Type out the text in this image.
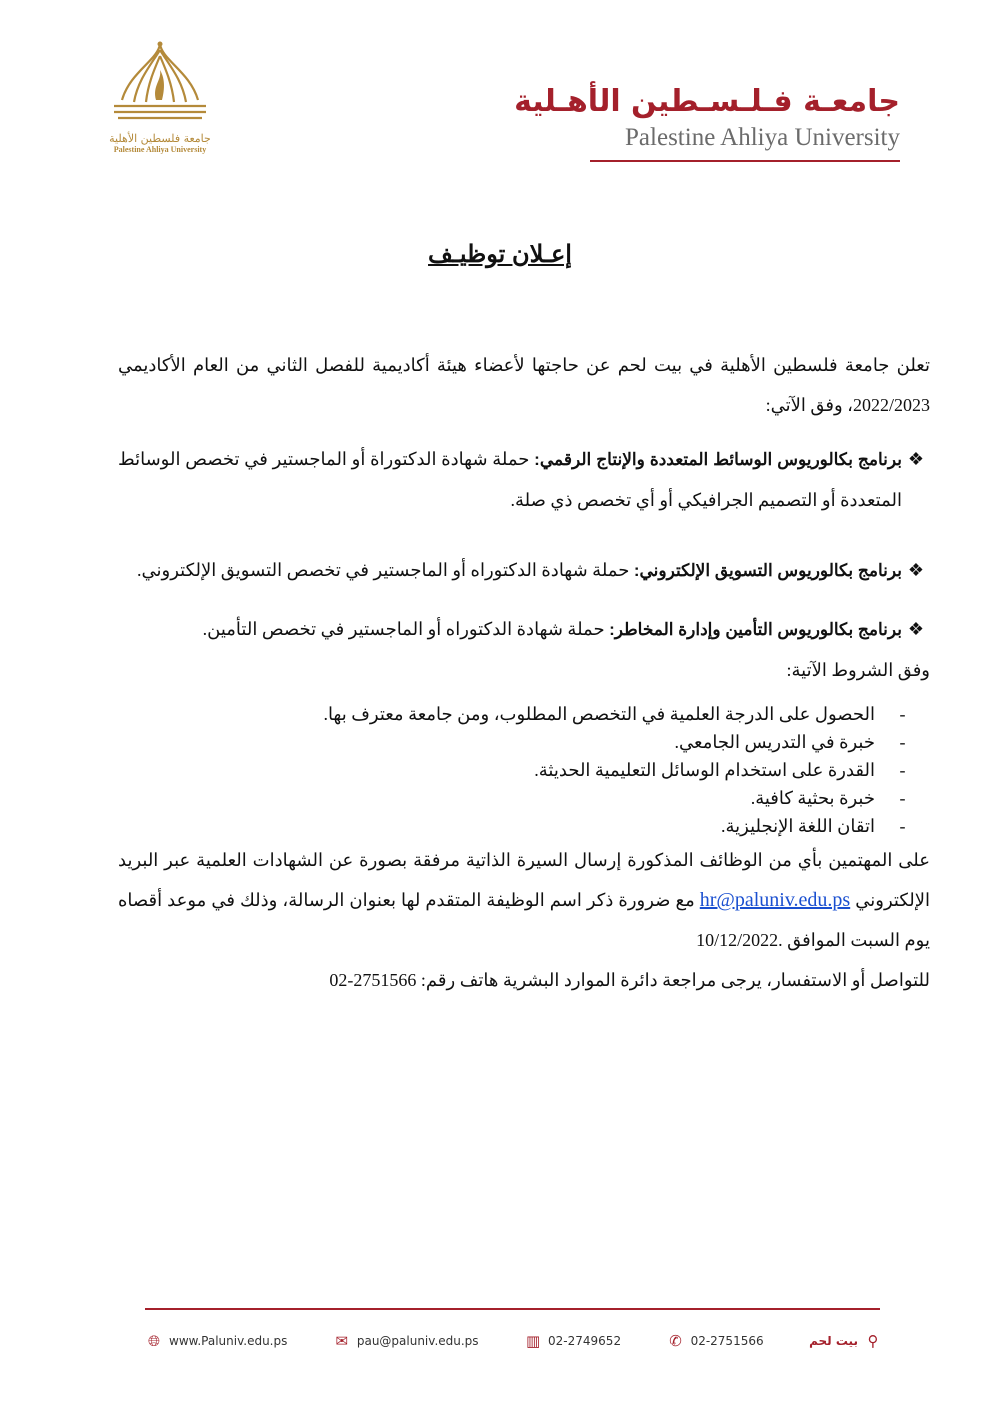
جامعة فلسطين الأهلية
Palestine Ahliya University
جامعـة فـلـسـطين الأهـلية
Palestine Ahliya University
إعـلان توظيـف

تعلن جامعة فلسطين الأهلية في بيت لحم عن حاجتها لأعضاء هيئة أكاديمية للفصل الثاني من العام الأكاديمي 2022/2023، وفق الآتي:

❖
برنامج بكالوريوس الوسائط المتعددة والإنتاج الرقمي: حملة شهادة الدكتوراة أو الماجستير في تخصص الوسائط المتعددة أو التصميم الجرافيكي أو أي تخصص ذي صلة.
❖
برنامج بكالوريوس التسويق الإلكتروني: حملة شهادة الدكتوراه أو الماجستير في تخصص التسويق الإلكتروني.
❖
برنامج بكالوريوس التأمين وإدارة المخاطر: حملة شهادة الدكتوراه أو الماجستير في تخصص التأمين.

وفق الشروط الآتية:

-
الحصول على الدرجة العلمية في التخصص المطلوب، ومن جامعة معترف بها.
-
خبرة في التدريس الجامعي.
-
القدرة على استخدام الوسائل التعليمية الحديثة.
-
خبرة بحثية كافية.
-
اتقان اللغة الإنجليزية.

على المهتمين بأي من الوظائف المذكورة إرسال السيرة الذاتية مرفقة بصورة عن الشهادات العلمية عبر البريد الإلكتروني hr@paluniv.edu.ps مع ضرورة ذكر اسم الوظيفة المتقدم لها بعنوان الرسالة، وذلك في موعد أقصاه يوم السبت الموافق 10/12/2022.

للتواصل أو الاستفسار، يرجى مراجعة دائرة الموارد البشرية هاتف رقم: 02-2751566

🌐︎ www.Paluniv.edu.ps	✉ pau@paluniv.edu.ps	▥ 02-2749652	✆ 02-2751566	بيت لحم ⚲
